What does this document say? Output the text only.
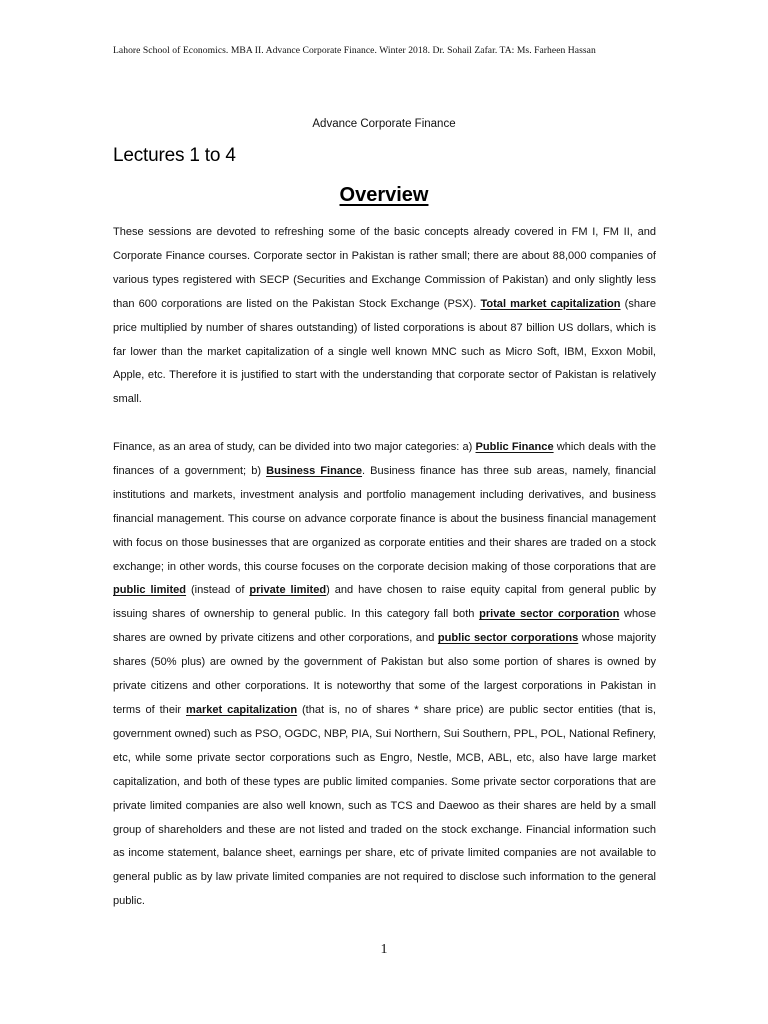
Lahore School of Economics. MBA II. Advance Corporate Finance. Winter 2018. Dr. Sohail Zafar. TA: Ms. Farheen Hassan
Advance Corporate Finance
Lectures 1 to 4
Overview

These sessions are devoted to refreshing some of the basic concepts already covered in FM I, FM II, and Corporate Finance courses. Corporate sector in Pakistan is rather small; there are about 88,000 companies of various types registered with SECP (Securities and Exchange Commission of Pakistan) and only slightly less than 600 corporations are listed on the Pakistan Stock Exchange (PSX). Total market capitalization (share price multiplied by number of shares outstanding) of listed corporations is about 87 billion US dollars, which is far lower than the market capitalization of a single well known MNC such as Micro Soft, IBM, Exxon Mobil, Apple, etc. Therefore it is justified to start with the understanding that corporate sector of Pakistan is relatively small.

Finance, as an area of study, can be divided into two major categories: a) Public Finance which deals with the finances of a government; b) Business Finance. Business finance has three sub areas, namely, financial institutions and markets, investment analysis and portfolio management including derivatives, and business financial management. This course on advance corporate finance is about the business financial management with focus on those businesses that are organized as corporate entities and their shares are traded on a stock exchange; in other words, this course focuses on the corporate decision making of those corporations that are public limited (instead of private limited) and have chosen to raise equity capital from general public by issuing shares of ownership to general public. In this category fall both private sector corporation whose shares are owned by private citizens and other corporations, and public sector corporations whose majority shares (50% plus) are owned by the government of Pakistan but also some portion of shares is owned by private citizens and other corporations. It is noteworthy that some of the largest corporations in Pakistan in terms of their market capitalization (that is, no of shares * share price) are public sector entities (that is, government owned) such as PSO, OGDC, NBP, PIA, Sui Northern, Sui Southern, PPL, POL, National Refinery, etc, while some private sector corporations such as Engro, Nestle, MCB, ABL, etc, also have large market capitalization, and both of these types are public limited companies. Some private sector corporations that are private limited companies are also well known, such as TCS and Daewoo as their shares are held by a small group of shareholders and these are not listed and traded on the stock exchange. Financial information such as income statement, balance sheet, earnings per share, etc of private limited companies are not available to general public as by law private limited companies are not required to disclose such information to the general public.

1
